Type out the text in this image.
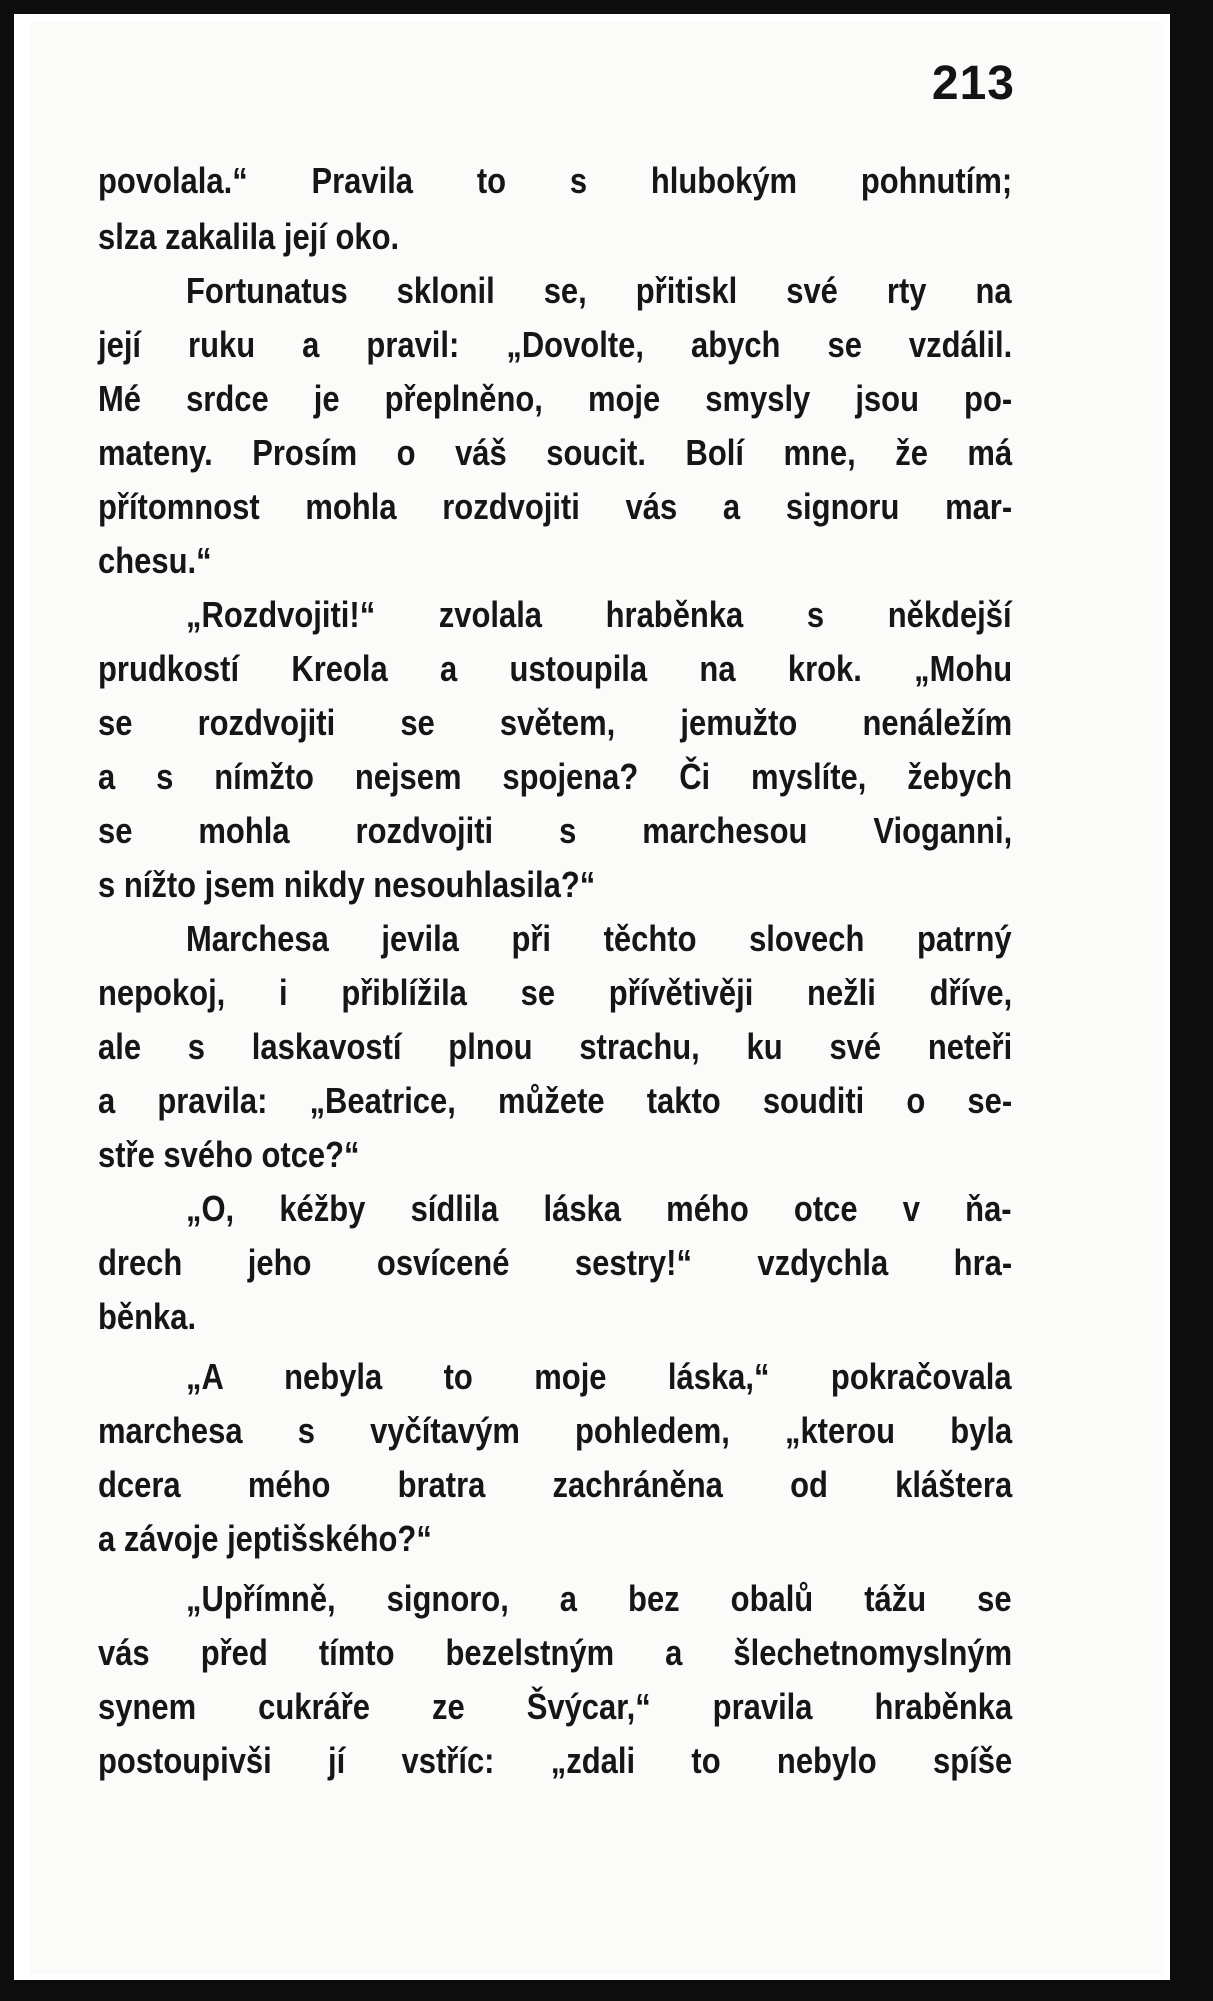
213
povolala.“ Pravila to s hlubokým pohnutím;
slza zakalila její oko.
Fortunatus sklonil se, přitiskl své rty na
její ruku a pravil: „Dovolte, abych se vzdálil.
Mé srdce je přeplněno, moje smysly jsou po-
mateny. Prosím o váš soucit. Bolí mne, že má
přítomnost mohla rozdvojiti vás a signoru mar-
chesu.“
„Rozdvojiti!“ zvolala hraběnka s někdejší
prudkostí Kreola a ustoupila na krok. „Mohu
se rozdvojiti se světem, jemužto nenáležím
a s nímžto nejsem spojena? Či myslíte, žebych
se mohla rozdvojiti s marchesou Vioganni,
s nížto jsem nikdy nesouhlasila?“
Marchesa jevila při těchto slovech patrný
nepokoj, i přiblížila se přívětivěji nežli dříve,
ale s laskavostí plnou strachu, ku své neteři
a pravila: „Beatrice, můžete takto souditi o se-
stře svého otce?“
„O, kéžby sídlila láska mého otce v ňa-
drech jeho osvícené sestry!“ vzdychla hra-
běnka.
„A nebyla to moje láska,“ pokračovala
marchesa s vyčítavým pohledem, „kterou byla
dcera mého bratra zachráněna od kláštera
a závoje jeptišského?“
„Upřímně, signoro, a bez obalů tážu se
vás před tímto bezelstným a šlechetnomyslným
synem cukráře ze Švýcar,“ pravila hraběnka
postoupivši jí vstříc: „zdali to nebylo spíše
